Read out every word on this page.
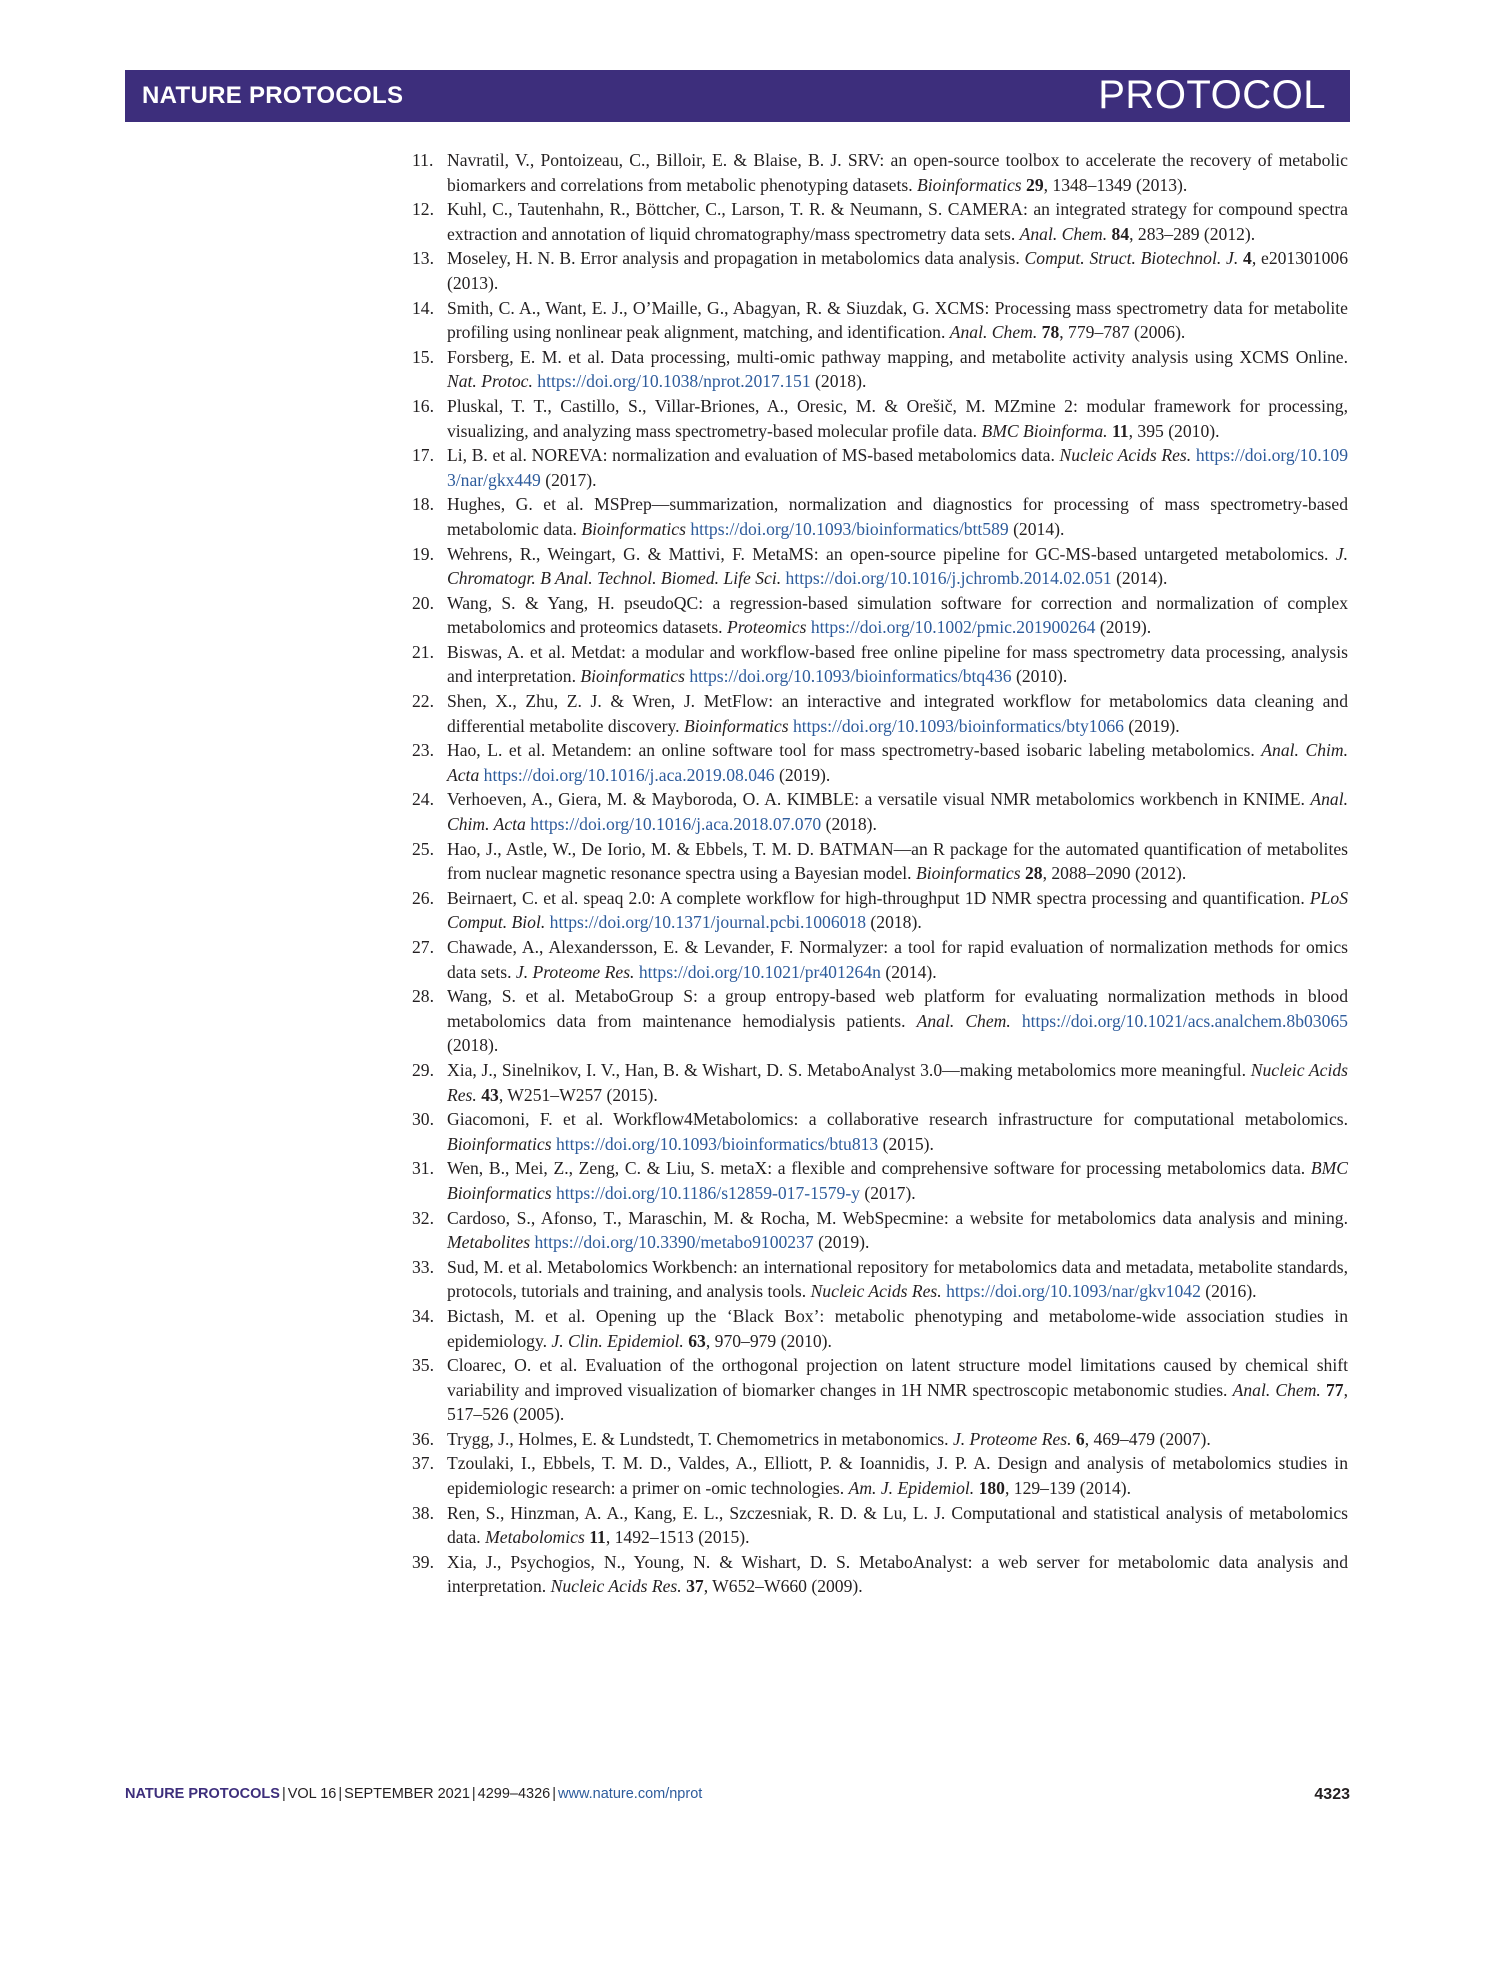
NATURE PROTOCOLS	PROTOCOL
11. Navratil, V., Pontoizeau, C., Billoir, E. & Blaise, B. J. SRV: an open-source toolbox to accelerate the recovery of metabolic biomarkers and correlations from metabolic phenotyping datasets. Bioinformatics 29, 1348–1349 (2013).
12. Kuhl, C., Tautenhahn, R., Böttcher, C., Larson, T. R. & Neumann, S. CAMERA: an integrated strategy for compound spectra extraction and annotation of liquid chromatography/mass spectrometry data sets. Anal. Chem. 84, 283–289 (2012).
13. Moseley, H. N. B. Error analysis and propagation in metabolomics data analysis. Comput. Struct. Biotechnol. J. 4, e201301006 (2013).
14. Smith, C. A., Want, E. J., O’Maille, G., Abagyan, R. & Siuzdak, G. XCMS: Processing mass spectrometry data for metabolite profiling using nonlinear peak alignment, matching, and identification. Anal. Chem. 78, 779–787 (2006).
15. Forsberg, E. M. et al. Data processing, multi-omic pathway mapping, and metabolite activity analysis using XCMS Online. Nat. Protoc. https://doi.org/10.1038/nprot.2017.151 (2018).
16. Pluskal, T. T., Castillo, S., Villar-Briones, A., Oresic, M. & Orešič, M. MZmine 2: modular framework for processing, visualizing, and analyzing mass spectrometry-based molecular profile data. BMC Bioinforma. 11, 395 (2010).
17. Li, B. et al. NOREVA: normalization and evaluation of MS-based metabolomics data. Nucleic Acids Res. https://doi.org/10.1093/nar/gkx449 (2017).
18. Hughes, G. et al. MSPrep—summarization, normalization and diagnostics for processing of mass spectrometry-based metabolomic data. Bioinformatics https://doi.org/10.1093/bioinformatics/btt589 (2014).
19. Wehrens, R., Weingart, G. & Mattivi, F. MetaMS: an open-source pipeline for GC-MS-based untargeted metabolomics. J. Chromatogr. B Anal. Technol. Biomed. Life Sci. https://doi.org/10.1016/j.jchromb.2014.02.051 (2014).
20. Wang, S. & Yang, H. pseudoQC: a regression-based simulation software for correction and normalization of complex metabolomics and proteomics datasets. Proteomics https://doi.org/10.1002/pmic.201900264 (2019).
21. Biswas, A. et al. Metdat: a modular and workflow-based free online pipeline for mass spectrometry data processing, analysis and interpretation. Bioinformatics https://doi.org/10.1093/bioinformatics/btq436 (2010).
22. Shen, X., Zhu, Z. J. & Wren, J. MetFlow: an interactive and integrated workflow for metabolomics data cleaning and differential metabolite discovery. Bioinformatics https://doi.org/10.1093/bioinformatics/bty1066 (2019).
23. Hao, L. et al. Metandem: an online software tool for mass spectrometry-based isobaric labeling metabolomics. Anal. Chim. Acta https://doi.org/10.1016/j.aca.2019.08.046 (2019).
24. Verhoeven, A., Giera, M. & Mayboroda, O. A. KIMBLE: a versatile visual NMR metabolomics workbench in KNIME. Anal. Chim. Acta https://doi.org/10.1016/j.aca.2018.07.070 (2018).
25. Hao, J., Astle, W., De Iorio, M. & Ebbels, T. M. D. BATMAN—an R package for the automated quantification of metabolites from nuclear magnetic resonance spectra using a Bayesian model. Bioinformatics 28, 2088–2090 (2012).
26. Beirnaert, C. et al. speaq 2.0: A complete workflow for high-throughput 1D NMR spectra processing and quantification. PLoS Comput. Biol. https://doi.org/10.1371/journal.pcbi.1006018 (2018).
27. Chawade, A., Alexandersson, E. & Levander, F. Normalyzer: a tool for rapid evaluation of normalization methods for omics data sets. J. Proteome Res. https://doi.org/10.1021/pr401264n (2014).
28. Wang, S. et al. MetaboGroup S: a group entropy-based web platform for evaluating normalization methods in blood metabolomics data from maintenance hemodialysis patients. Anal. Chem. https://doi.org/10.1021/acs.analchem.8b03065 (2018).
29. Xia, J., Sinelnikov, I. V., Han, B. & Wishart, D. S. MetaboAnalyst 3.0—making metabolomics more meaningful. Nucleic Acids Res. 43, W251–W257 (2015).
30. Giacomoni, F. et al. Workflow4Metabolomics: a collaborative research infrastructure for computational metabolomics. Bioinformatics https://doi.org/10.1093/bioinformatics/btu813 (2015).
31. Wen, B., Mei, Z., Zeng, C. & Liu, S. metaX: a flexible and comprehensive software for processing metabolomics data. BMC Bioinformatics https://doi.org/10.1186/s12859-017-1579-y (2017).
32. Cardoso, S., Afonso, T., Maraschin, M. & Rocha, M. WebSpecmine: a website for metabolomics data analysis and mining. Metabolites https://doi.org/10.3390/metabo9100237 (2019).
33. Sud, M. et al. Metabolomics Workbench: an international repository for metabolomics data and metadata, metabolite standards, protocols, tutorials and training, and analysis tools. Nucleic Acids Res. https://doi.org/10.1093/nar/gkv1042 (2016).
34. Bictash, M. et al. Opening up the ‘Black Box’: metabolic phenotyping and metabolome-wide association studies in epidemiology. J. Clin. Epidemiol. 63, 970–979 (2010).
35. Cloarec, O. et al. Evaluation of the orthogonal projection on latent structure model limitations caused by chemical shift variability and improved visualization of biomarker changes in 1H NMR spectroscopic metabonomic studies. Anal. Chem. 77, 517–526 (2005).
36. Trygg, J., Holmes, E. & Lundstedt, T. Chemometrics in metabonomics. J. Proteome Res. 6, 469–479 (2007).
37. Tzoulaki, I., Ebbels, T. M. D., Valdes, A., Elliott, P. & Ioannidis, J. P. A. Design and analysis of metabolomics studies in epidemiologic research: a primer on -omic technologies. Am. J. Epidemiol. 180, 129–139 (2014).
38. Ren, S., Hinzman, A. A., Kang, E. L., Szczesniak, R. D. & Lu, L. J. Computational and statistical analysis of metabolomics data. Metabolomics 11, 1492–1513 (2015).
39. Xia, J., Psychogios, N., Young, N. & Wishart, D. S. MetaboAnalyst: a web server for metabolomic data analysis and interpretation. Nucleic Acids Res. 37, W652–W660 (2009).
NATURE PROTOCOLS | VOL 16 | SEPTEMBER 2021 | 4299–4326 | www.nature.com/nprot	4323
